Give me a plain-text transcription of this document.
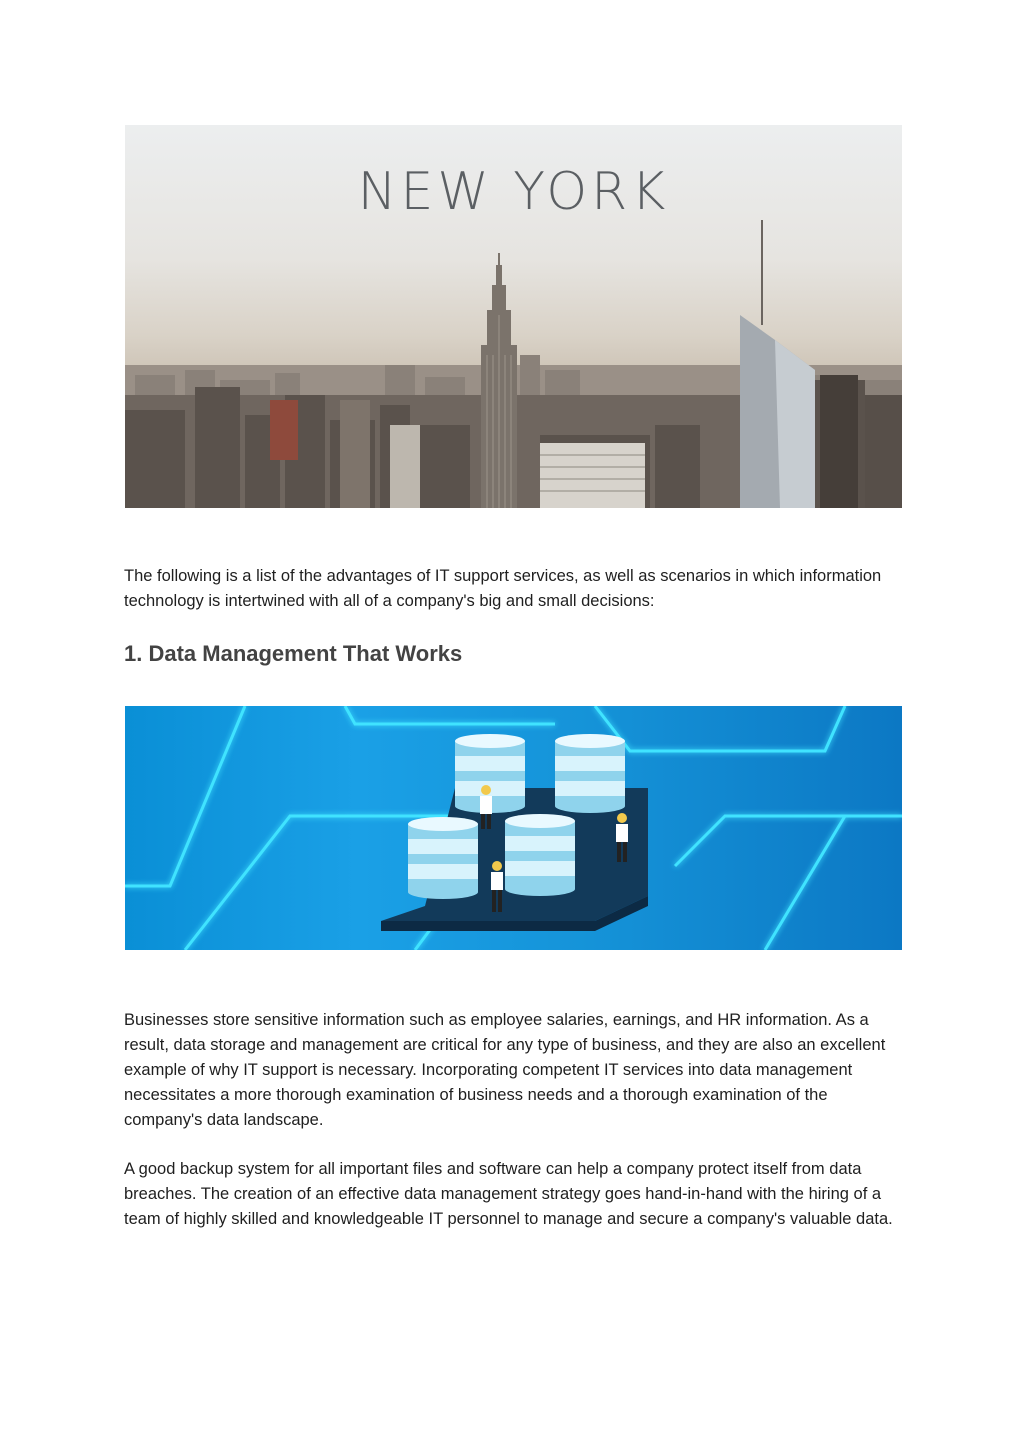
NEW YORK

The following is a list of the advantages of IT support services, as well as scenarios in which information technology is intertwined with all of a company's big and small decisions:

1. Data Management That Works

Businesses store sensitive information such as employee salaries, earnings, and HR information. As a result, data storage and management are critical for any type of business, and they are also an excellent example of why IT support is necessary. Incorporating competent IT services into data management necessitates a more thorough examination of business needs and a thorough examination of the company's data landscape.

A good backup system for all important files and software can help a company protect itself from data breaches. The creation of an effective data management strategy goes hand-in-hand with the hiring of a team of highly skilled and knowledgeable IT personnel to manage and secure a company's valuable data.
